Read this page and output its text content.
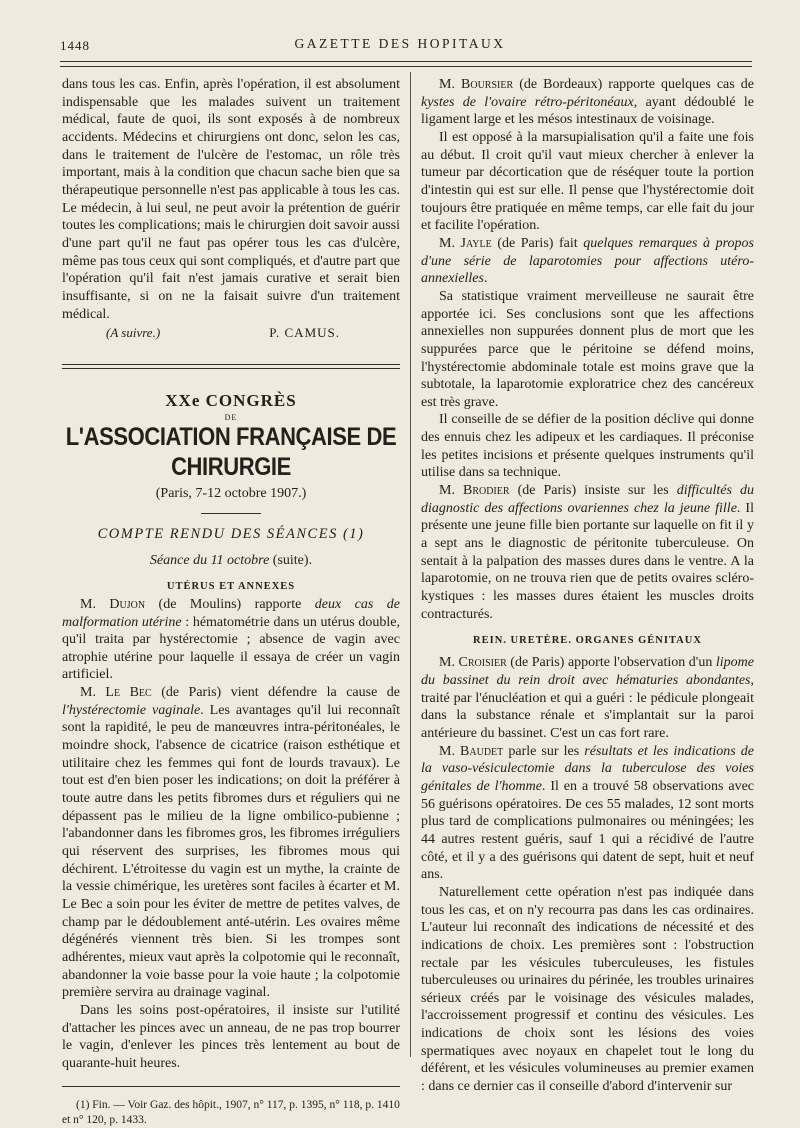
1448	GAZETTE DES HOPITAUX

dans tous les cas. Enfin, après l'opération, il est absolument indispensable que les malades suivent un traitement médical, faute de quoi, ils sont exposés à de nombreux accidents. Médecins et chirurgiens ont donc, selon les cas, dans le traitement de l'ulcère de l'estomac, un rôle très important, mais à la condition que chacun sache bien que sa thérapeutique personnelle n'est pas applicable à tous les cas. Le médecin, à lui seul, ne peut avoir la prétention de guérir toutes les complications; mais le chirurgien doit savoir aussi d'une part qu'il ne faut pas opérer tous les cas d'ulcère, même pas tous ceux qui sont compliqués, et d'autre part que l'opération qu'il fait n'est jamais curative et serait bien insuffisante, si on ne la faisait suivre d'un traitement médical.

(A suivre.)	P. CAMUS.
XXe CONGRÈS
DE
L'ASSOCIATION FRANÇAISE DE CHIRURGIE
(Paris, 7-12 octobre 1907.)
COMPTE RENDU DES SÉANCES (1)
Séance du 11 octobre (suite).
UTÉRUS ET ANNEXES

M. Dujon (de Moulins) rapporte deux cas de malformation utérine : hématométrie dans un utérus double, qu'il traita par hystérectomie ; absence de vagin avec atrophie utérine pour laquelle il essaya de créer un vagin artificiel.

M. Le Bec (de Paris) vient défendre la cause de l'hystérectomie vaginale. Les avantages qu'il lui reconnaît sont la rapidité, le peu de manœuvres intra-péritonéales, le moindre shock, l'absence de cicatrice (raison esthétique et utilitaire chez les femmes qui font de lourds travaux). Le tout est d'en bien poser les indications; on doit la préférer à toute autre dans les petits fibromes durs et réguliers qui ne dépassent pas le milieu de la ligne ombilico-pubienne ; l'abandonner dans les fibromes gros, les fibromes irréguliers qui réservent des surprises, les fibromes mous qui déchirent. L'étroitesse du vagin est un mythe, la crainte de la vessie chimérique, les uretères sont faciles à écarter et M. Le Bec a soin pour les éviter de mettre de petites valves, de champ par le dédoublement anté-utérin. Les ovaires même dégénérés viennent très bien. Si les trompes sont adhérentes, mieux vaut après la colpotomie qui le reconnaît, abandonner la voie basse pour la voie haute ; la colpotomie première servira au drainage vaginal.

Dans les soins post-opératoires, il insiste sur l'utilité d'attacher les pinces avec un anneau, de ne pas trop bourrer le vagin, d'enlever les pinces très lentement au bout de quarante-huit heures.

(1) Fin. — Voir Gaz. des hôpit., 1907, n° 117, p. 1395, n° 118, p. 1410 et n° 120, p. 1433.

M. Boursier (de Bordeaux) rapporte quelques cas de kystes de l'ovaire rétro-péritonéaux, ayant dédoublé le ligament large et les mésos intestinaux de voisinage.

Il est opposé à la marsupialisation qu'il a faite une fois au début. Il croit qu'il vaut mieux chercher à enlever la tumeur par décortication que de réséquer toute la portion d'intestin qui est sur elle. Il pense que l'hystérectomie doit toujours être pratiquée en même temps, car elle fait du jour et facilite l'opération.

M. Jayle (de Paris) fait quelques remarques à propos d'une série de laparotomies pour affections utéro-annexielles.

Sa statistique vraiment merveilleuse ne saurait être apportée ici. Ses conclusions sont que les affections annexielles non suppurées donnent plus de mort que les suppurées parce que le péritoine se défend moins, l'hystérectomie abdominale totale est moins grave que la subtotale, la laparotomie exploratrice chez des cancéreux est très grave.

Il conseille de se défier de la position déclive qui donne des ennuis chez les adipeux et les cardiaques. Il préconise les petites incisions et présente quelques instruments qu'il utilise dans sa technique.

M. Brodier (de Paris) insiste sur les difficultés du diagnostic des affections ovariennes chez la jeune fille. Il présente une jeune fille bien portante sur laquelle on fit il y a sept ans le diagnostic de péritonite tuberculeuse. On sentait à la palpation des masses dures dans le ventre. A la laparotomie, on ne trouva rien que de petits ovaires scléro-kystiques : les masses dures étaient les muscles droits contracturés.

REIN. URETÈRE. ORGANES GÉNITAUX

M. Croisier (de Paris) apporte l'observation d'un lipome du bassinet du rein droit avec hématuries abondantes, traité par l'énucléation et qui a guéri : le pédicule plongeait dans la substance rénale et s'implantait sur la paroi antérieure du bassinet. C'est un cas fort rare.

M. Baudet parle sur les résultats et les indications de la vaso-vésiculectomie dans la tuberculose des voies génitales de l'homme. Il en a trouvé 58 observations avec 56 guérisons opératoires. De ces 55 malades, 12 sont morts plus tard de complications pulmonaires ou méningées; les 44 autres restent guéris, sauf 1 qui a récidivé de l'autre côté, et il y a des guérisons qui datent de sept, huit et neuf ans.

Naturellement cette opération n'est pas indiquée dans tous les cas, et on n'y recourra pas dans les cas ordinaires. L'auteur lui reconnaît des indications de nécessité et des indications de choix. Les premières sont : l'obstruction rectale par les vésicules tuberculeuses, les fistules tuberculeuses ou urinaires du périnée, les troubles urinaires sérieux créés par le voisinage des vésicules malades, l'accroissement progressif et continu des vésicules. Les indications de choix sont les lésions des voies spermatiques avec noyaux en chapelet tout le long du déférent, et les vésicules volumineuses au premier examen : dans ce dernier cas il conseille d'abord d'intervenir sur
